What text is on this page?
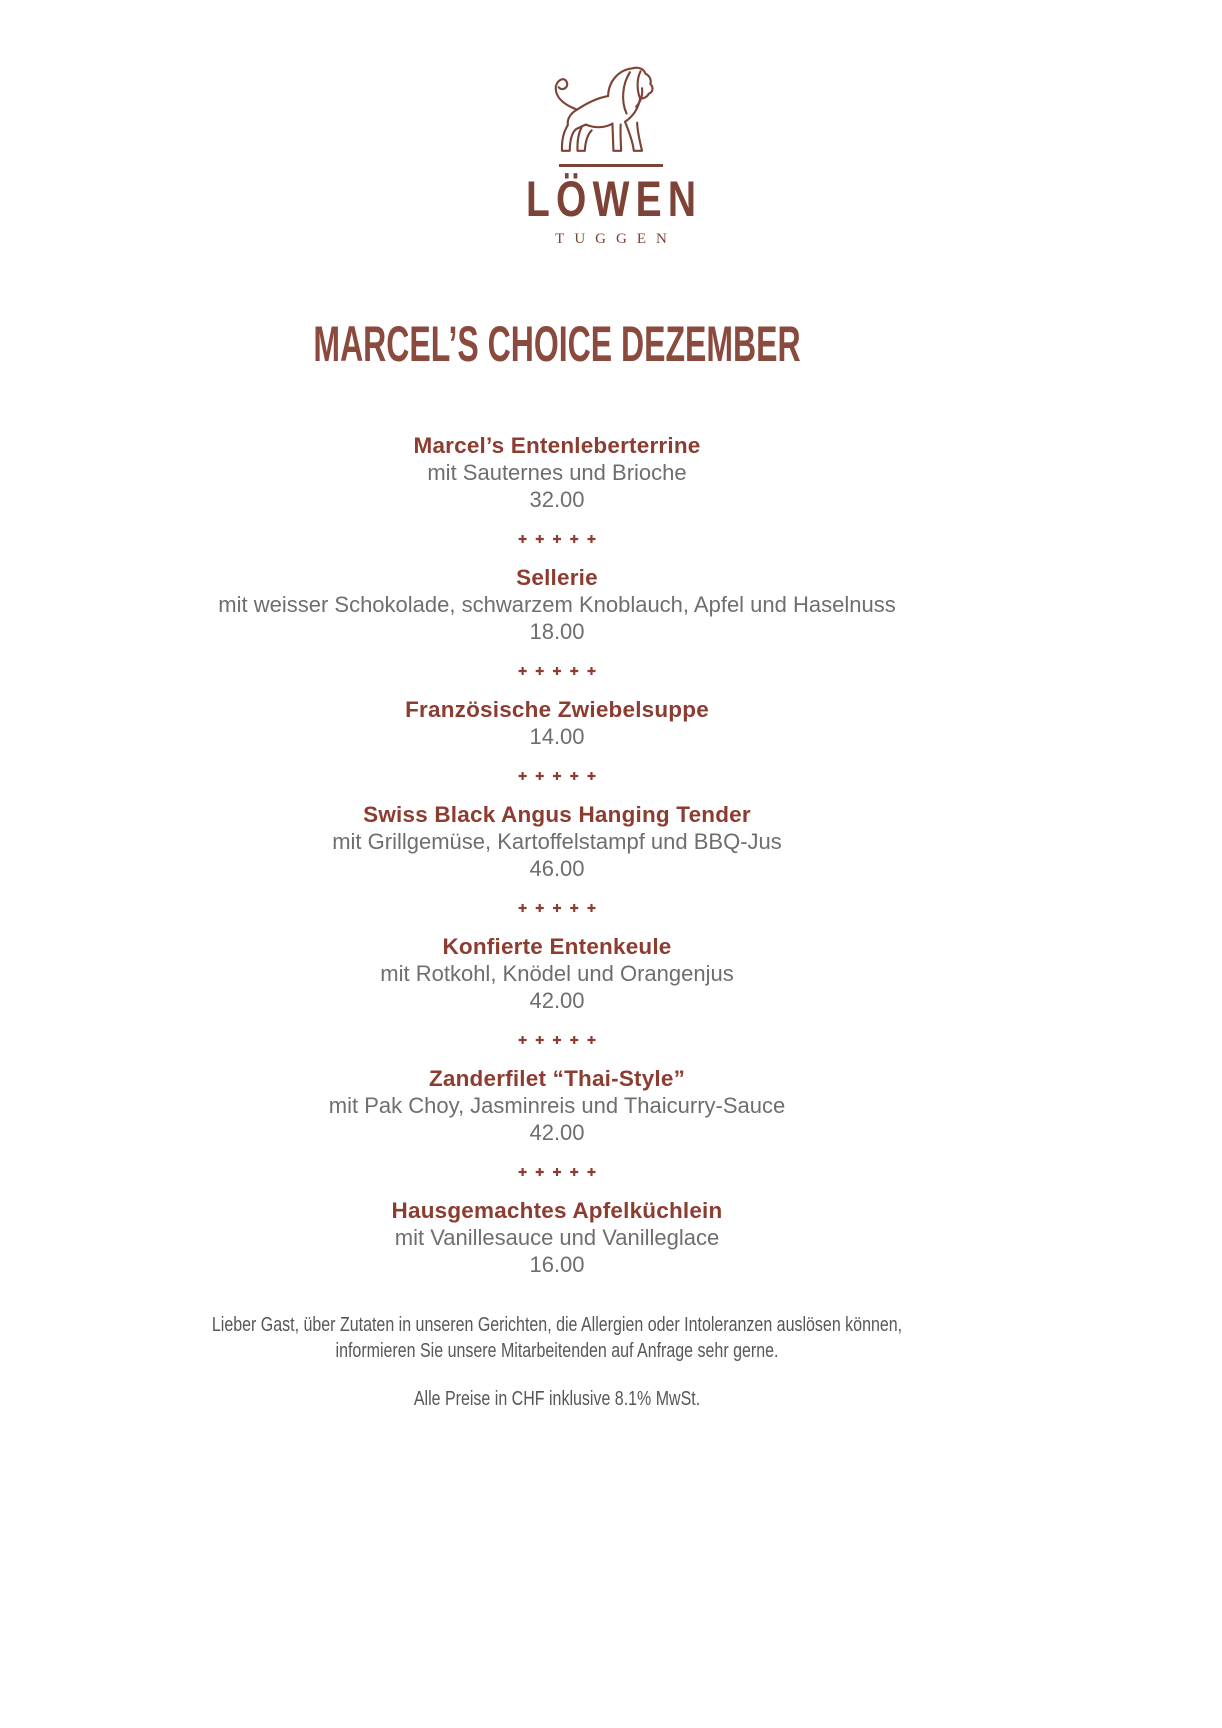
LÖWEN
TUGGEN
MARCEL’S CHOICE DEZEMBER
Marcel’s Entenleberterrine
mit Sauternes und Brioche
32.00
✚✚✚✚✚
Sellerie
mit weisser Schokolade, schwarzem Knoblauch, Apfel und Haselnuss
18.00
✚✚✚✚✚
Französische Zwiebelsuppe
14.00
✚✚✚✚✚
Swiss Black Angus Hanging Tender
mit Grillgemüse, Kartoffelstampf und BBQ-Jus
46.00
✚✚✚✚✚
Konfierte Entenkeule
mit Rotkohl, Knödel und Orangenjus
42.00
✚✚✚✚✚
Zanderfilet “Thai-Style”
mit Pak Choy, Jasminreis und Thaicurry-Sauce
42.00
✚✚✚✚✚
Hausgemachtes Apfelküchlein
mit Vanillesauce und Vanilleglace
16.00
Lieber Gast, über Zutaten in unseren Gerichten, die Allergien oder Intoleranzen auslösen können,
informieren Sie unsere Mitarbeitenden auf Anfrage sehr gerne.
Alle Preise in CHF inklusive 8.1% MwSt.
